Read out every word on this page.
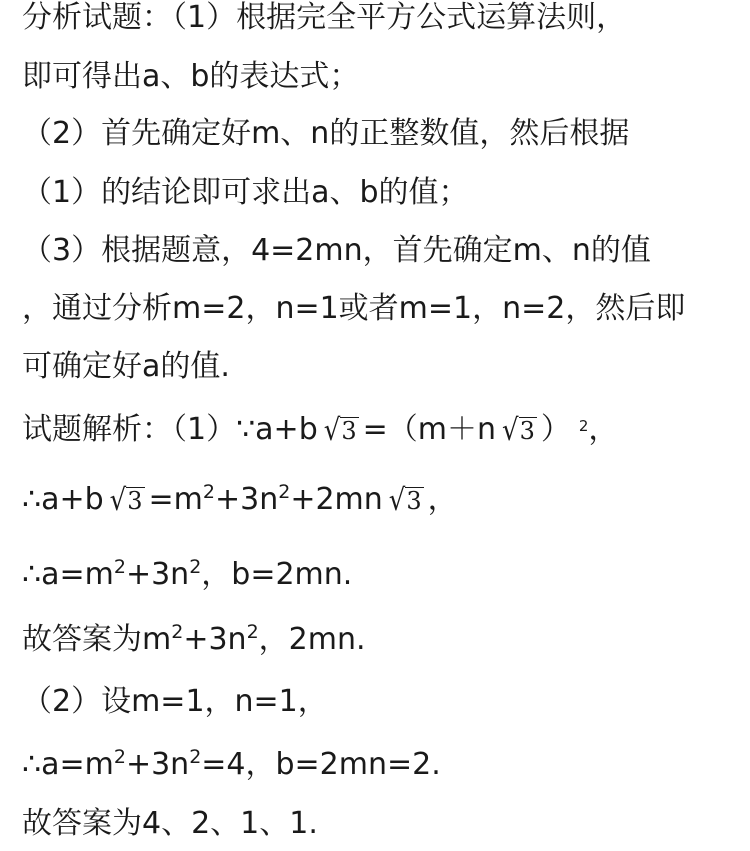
分析试题：（1）根据完全平方公式运算法则，
即可得出a、b的表达式；
（2）首先确定好m、n的正整数值，然后根据
（1）的结论即可求出a、b的值；
（3）根据题意，4=2mn，首先确定m、n的值
，通过分析m=2，n=1或者m=1，n=2，然后即
可确定好a的值.
试题解析：（1）∵a+b √3 =（m＋n √3 ） $^2$，
∴a+b $√3 =m^2+3n^2+2mn$ √3 ，
$\therefore a=m^2+3n^2$，b=2mn.
故答案为$m^2+3n^2$，2mn.
（2）设m=1，n=1，
$\therefore a=m^2+3n^2=4$，b=2mn=2.
故答案为4、2、1、1.
